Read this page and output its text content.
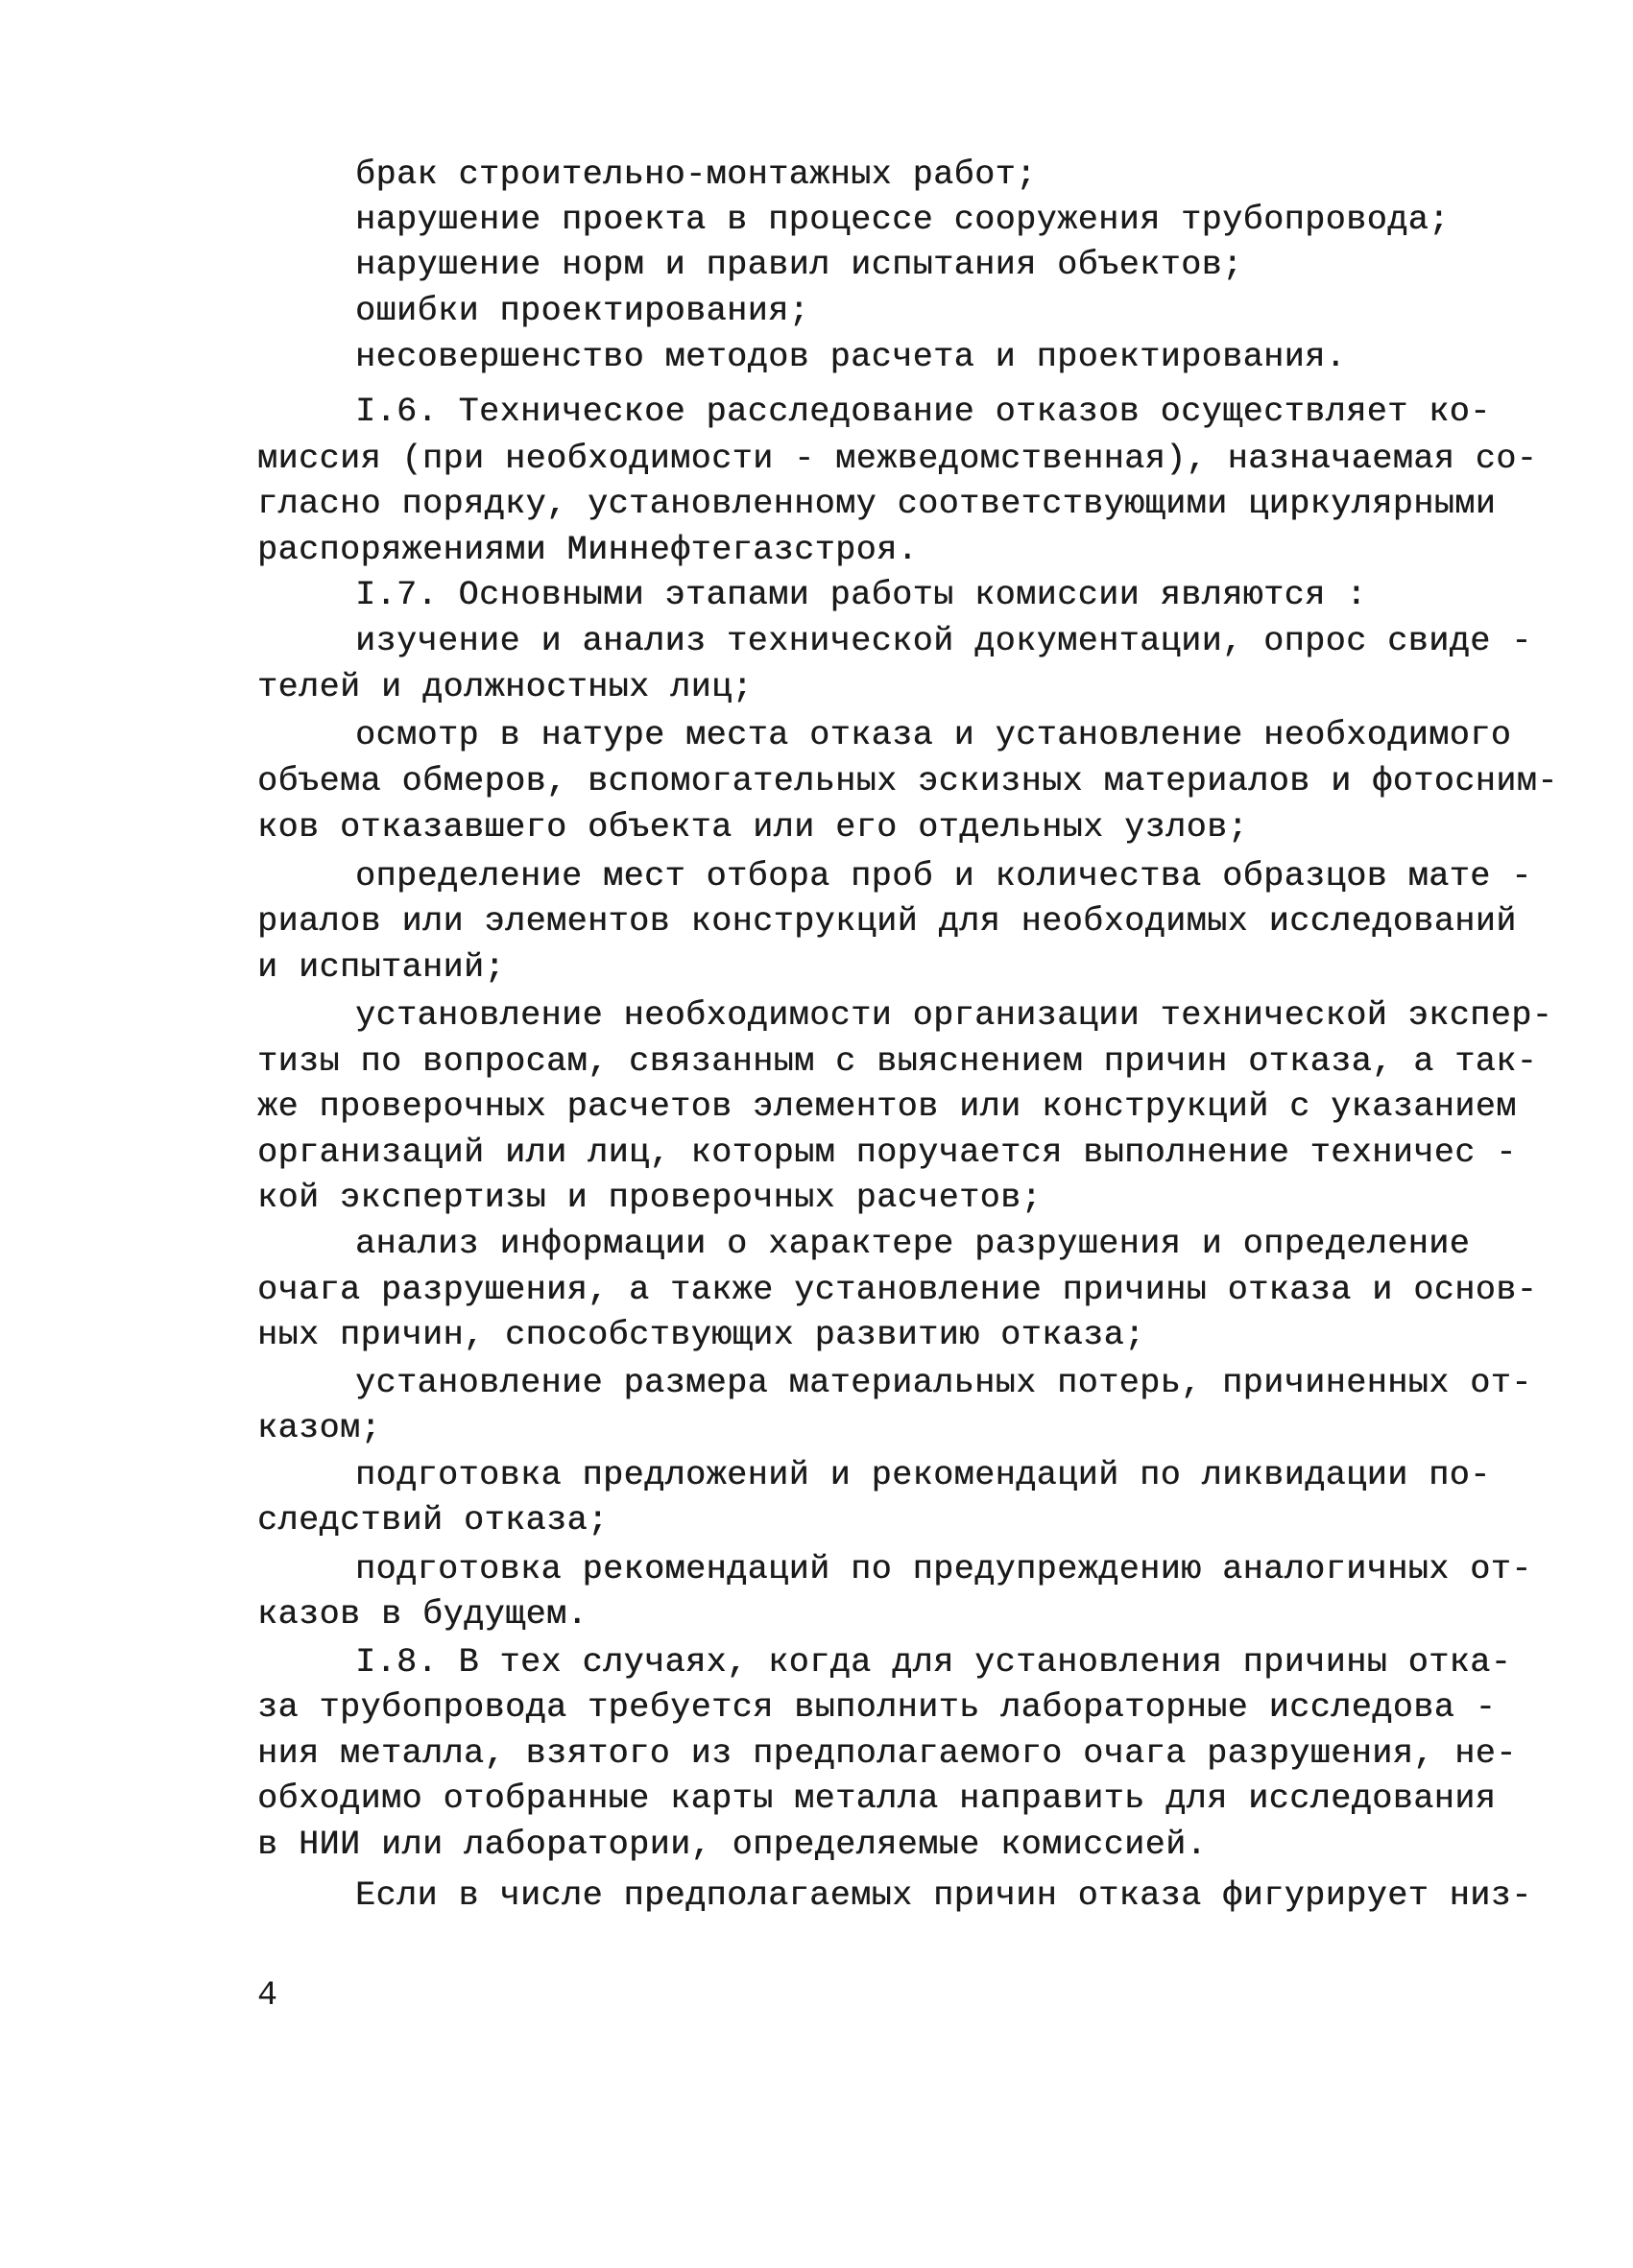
брак строительно-монтажных работ;
нарушение проекта в процессе сооружения трубопровода;
нарушение норм и правил испытания объектов;
ошибки проектирования;
несовершенство методов расчета и проектирования.
I.6. Техническое расследование отказов осуществляет ко-
миссия (при необходимости - межведомственная), назначаемая со-
гласно порядку, установленному соответствующими циркулярными
распоряжениями Миннефтегазстроя.
I.7. Основными этапами работы комиссии являются :
изучение и анализ технической документации, опрос свиде -
телей и должностных лиц;
осмотр в натуре места отказа и установление необходимого
объема обмеров, вспомогательных эскизных материалов и фотосним-
ков отказавшего объекта или его отдельных узлов;
определение мест отбора проб и количества образцов мате -
риалов или элементов конструкций для необходимых исследований
и испытаний;
установление необходимости организации технической экспер-
тизы по вопросам, связанным с выяснением причин отказа, а так-
же проверочных расчетов элементов или конструкций с указанием
организаций или лиц, которым поручается выполнение техничес -
кой экспертизы и проверочных расчетов;
анализ информации о характере разрушения и определение
очага разрушения, а также установление причины отказа и основ-
ных причин, способствующих развитию отказа;
установление размера материальных потерь, причиненных от-
казом;
подготовка предложений и рекомендаций по ликвидации по-
следствий отказа;
подготовка рекомендаций по предупреждению аналогичных от-
казов в будущем.
I.8. В тех случаях, когда для установления причины отка-
за трубопровода требуется выполнить лабораторные исследова -
ния металла, взятого из предполагаемого очага разрушения, не-
обходимо отобранные карты металла направить для исследования
в НИИ или лаборатории, определяемые комиссией.
Если в числе предполагаемых причин отказа фигурирует низ-
4
